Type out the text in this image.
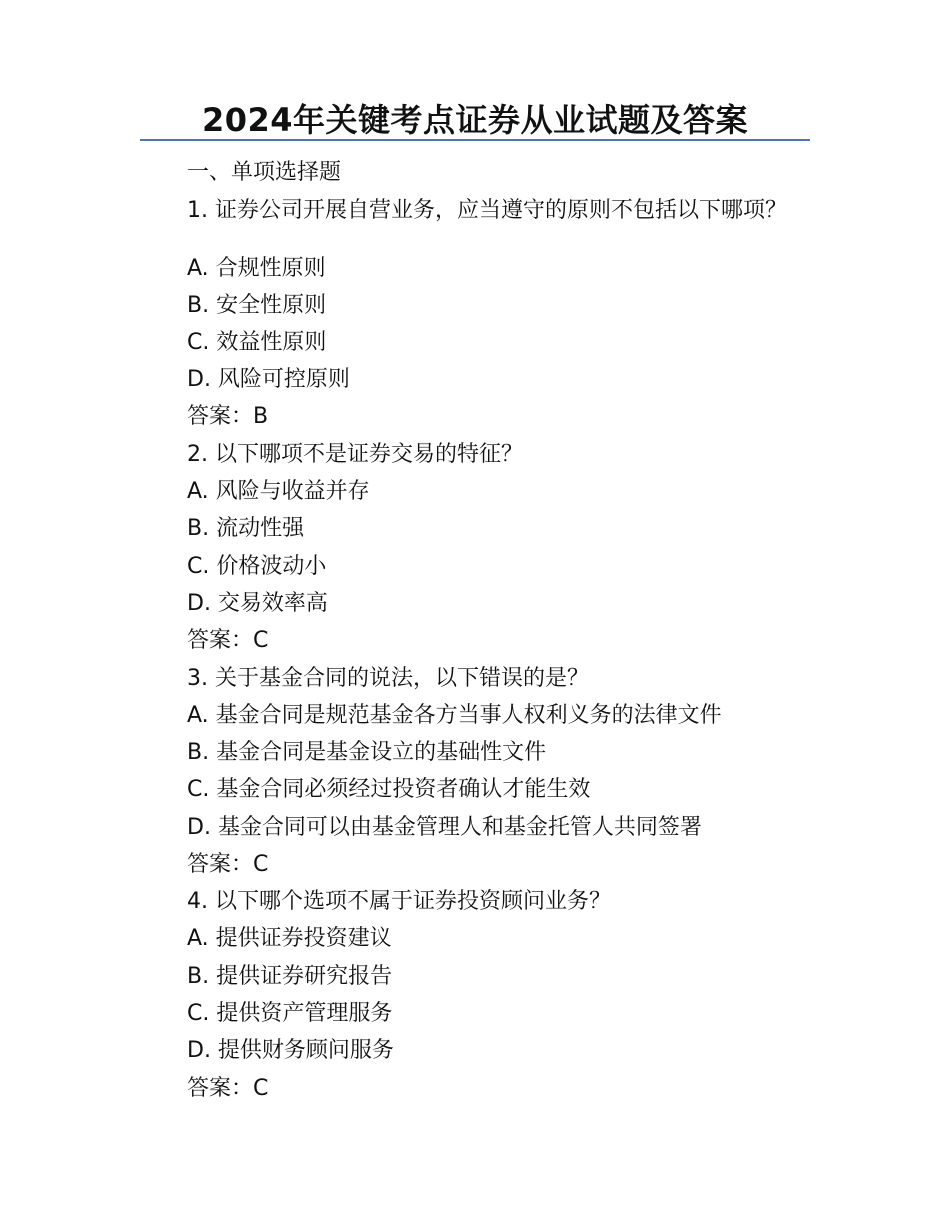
2024年关键考点证券从业试题及答案
一、单项选择题
1. 证券公司开展自营业务，应当遵守的原则不包括以下哪项？
A. 合规性原则
B. 安全性原则
C. 效益性原则
D. 风险可控原则
答案：B
2. 以下哪项不是证券交易的特征？
A. 风险与收益并存
B. 流动性强
C. 价格波动小
D. 交易效率高
答案：C
3. 关于基金合同的说法，以下错误的是？
A. 基金合同是规范基金各方当事人权利义务的法律文件
B. 基金合同是基金设立的基础性文件
C. 基金合同必须经过投资者确认才能生效
D. 基金合同可以由基金管理人和基金托管人共同签署
答案：C
4. 以下哪个选项不属于证券投资顾问业务？
A. 提供证券投资建议
B. 提供证券研究报告
C. 提供资产管理服务
D. 提供财务顾问服务
答案：C
